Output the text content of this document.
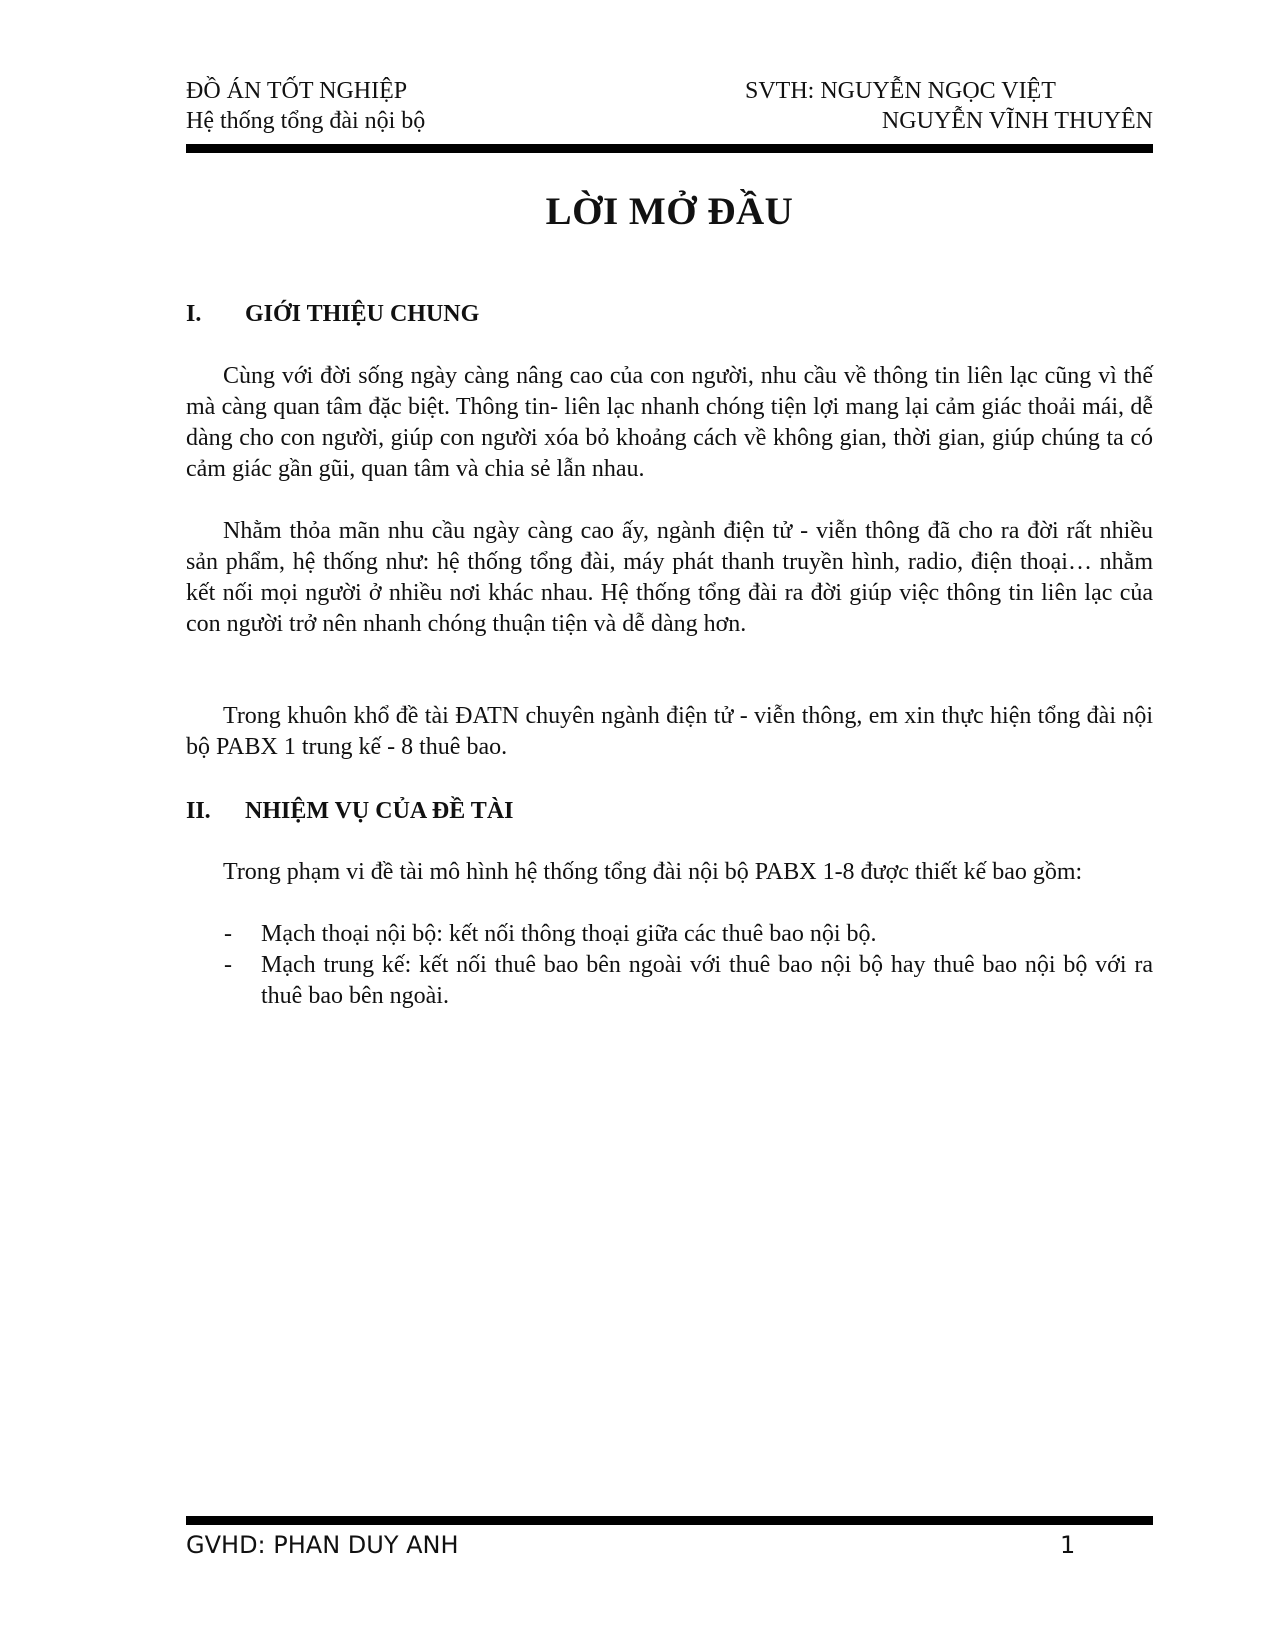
ĐỒ ÁN TỐT NGHIỆP
Hệ thống tổng đài nội bộ
SVTH: NGUYỄN NGỌC VIỆT
NGUYỄN VĨNH THUYÊN
LỜI MỞ ĐẦU
I. GIỚI THIỆU CHUNG

Cùng với đời sống ngày càng nâng cao của con người, nhu cầu về thông tin liên lạc cũng vì thế mà càng quan tâm đặc biệt. Thông tin- liên lạc nhanh chóng tiện lợi mang lại cảm giác thoải mái, dễ dàng cho con người, giúp con người xóa bỏ khoảng cách về không gian, thời gian, giúp chúng ta có cảm giác gần gũi, quan tâm và chia sẻ lẫn nhau.

Nhằm thỏa mãn nhu cầu ngày càng cao ấy, ngành điện tử - viễn thông đã cho ra đời rất nhiều sản phẩm, hệ thống như: hệ thống tổng đài, máy phát thanh truyền hình, radio, điện thoại… nhằm kết nối mọi người ở nhiều nơi khác nhau. Hệ thống tổng đài ra đời giúp việc thông tin liên lạc của con người trở nên nhanh chóng thuận tiện và dễ dàng hơn.

Trong khuôn khổ đề tài ĐATN chuyên ngành điện tử - viễn thông, em xin thực hiện tổng đài nội bộ PABX 1 trung kế - 8 thuê bao.

II. NHIỆM VỤ CỦA ĐỀ TÀI

Trong phạm vi đề tài mô hình hệ thống tổng đài nội bộ PABX 1-8 được thiết kế bao gồm:

- Mạch thoại nội bộ: kết nối thông thoại giữa các thuê bao nội bộ.
- Mạch trung kế: kết nối thuê bao bên ngoài với thuê bao nội bộ hay thuê bao nội bộ với ra thuê bao bên ngoài.
GVHD: PHAN DUY ANH	1
